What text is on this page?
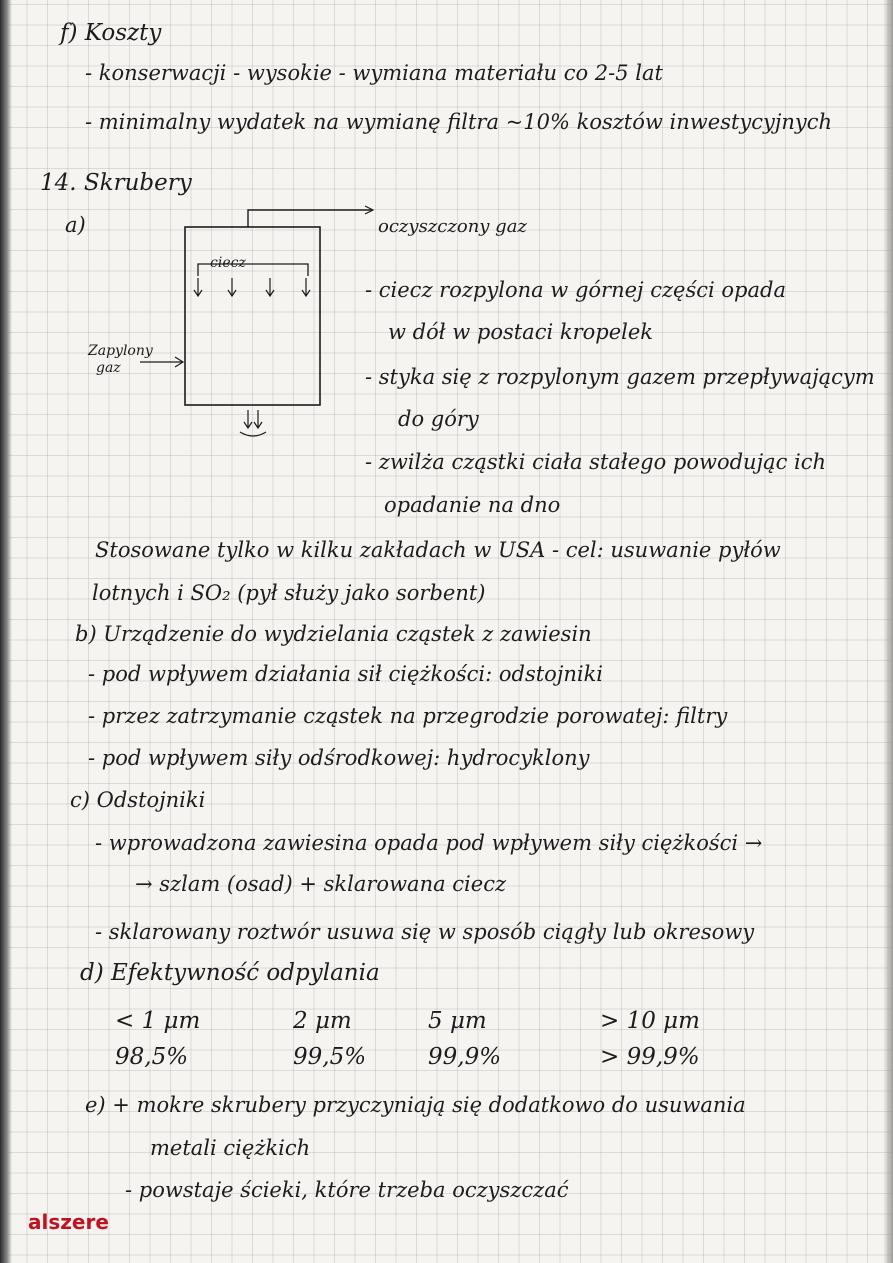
f) Koszty
- konserwacji - wysokie - wymiana materiału co 2-5 lat
- minimalny wydatek na wymianę filtra ~10% kosztów inwestycyjnych
14. Skrubery
a)
ciecz
Zapylony
gaz
oczyszczony gaz
- ciecz rozpylona w górnej części opada
w dół w postaci kropelek
- styka się z rozpylonym gazem przepływającym
do góry
- zwilża cząstki ciała stałego powodując ich
opadanie na dno
Stosowane tylko w kilku zakładach w USA - cel: usuwanie pyłów
lotnych i SO₂ (pył służy jako sorbent)
b) Urządzenie do wydzielania cząstek z zawiesin
- pod wpływem działania sił ciężkości: odstojniki
- przez zatrzymanie cząstek na przegrodzie porowatej: filtry
- pod wpływem siły odśrodkowej: hydrocyklony
c) Odstojniki
- wprowadzona zawiesina opada pod wpływem siły ciężkości →
→ szlam (osad) + sklarowana ciecz
- sklarowany roztwór usuwa się w sposób ciągły lub okresowy
d) Efektywność odpylania
< 1 μm	2 μm	5 μm	> 10 μm
98,5%	99,5%	99,9%	> 99,9%
e) + mokre skrubery przyczyniają się dodatkowo do usuwania
metali ciężkich
- powstaje ścieki, które trzeba oczyszczać
alszere
